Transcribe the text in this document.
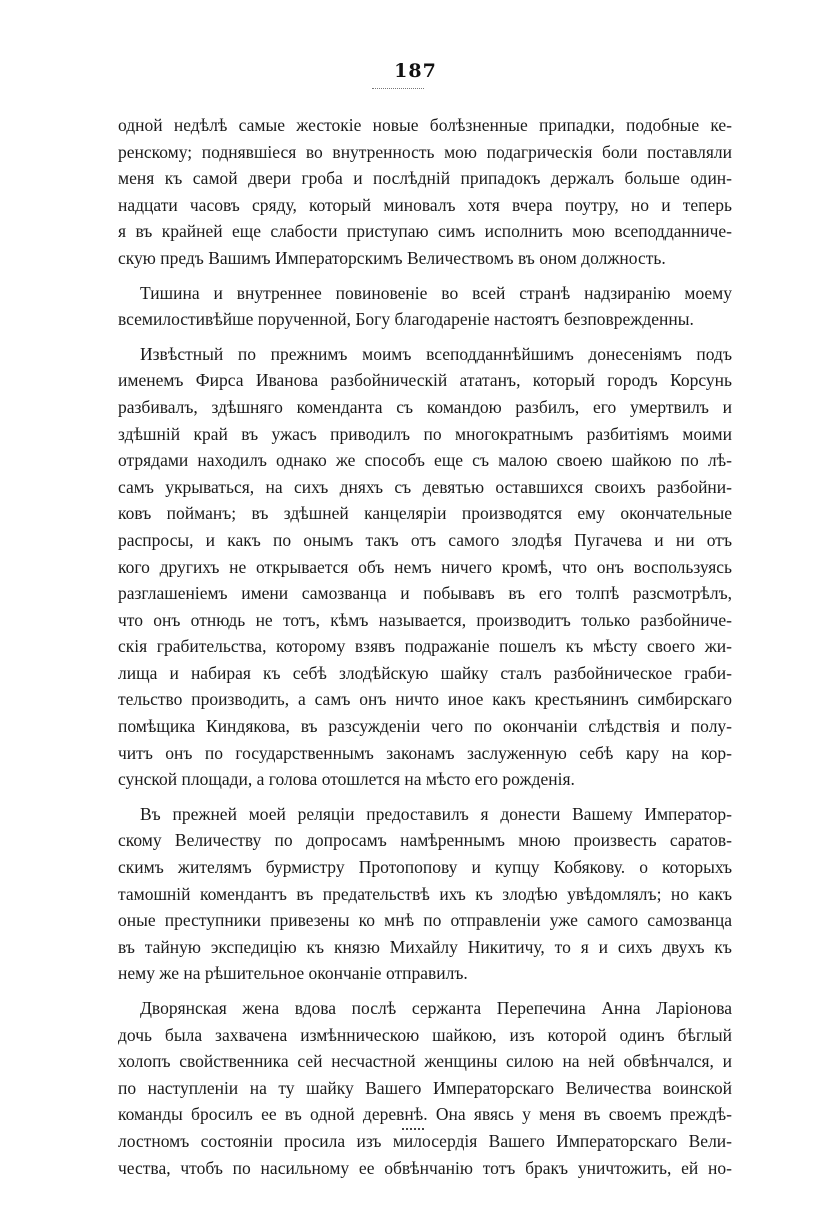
187
одной недѣлѣ самые жестокіе новые болѣзненные припадки, подобные ке-
ренскому; поднявшіеся во внутренность мою подагрическія боли поставляли
меня къ самой двери гроба и послѣдній припадокъ держалъ больше один-
надцати часовъ сряду, который миновалъ хотя вчера поутру, но и теперь
я въ крайней еще слабости приступаю симъ исполнить мою всеподданниче-
скую предъ Вашимъ Императорскимъ Величествомъ въ оном должность.
Тишина и внутреннее повиновеніе во всей странѣ надзиранію моему
всемилостивѣйше порученной, Богу благодареніе настоятъ безповрежденны.
Извѣстный по прежнимъ моимъ всеподданнѣйшимъ донесеніямъ подъ
именемъ Фирса Иванова разбойническій ататанъ, который городъ Корсунь
разбивалъ, здѣшняго коменданта съ командою разбилъ, его умертвилъ и
здѣшній край въ ужасъ приводилъ по многократнымъ разбитіямъ моими
отрядами находилъ однако же способъ еще съ малою своею шайкою по лѣ-
самъ укрываться, на сихъ дняхъ съ девятью оставшихся своихъ разбойни-
ковъ пойманъ; въ здѣшней канцеляріи производятся ему окончательные
распросы, и какъ по онымъ такъ отъ самого злодѣя Пугачева и ни отъ
кого другихъ не открывается объ немъ ничего кромѣ, что онъ воспользуясь
разглашеніемъ имени самозванца и побывавъ въ его толпѣ разсмотрѣлъ,
что онъ отнюдь не тотъ, кѣмъ называется, производитъ только разбойниче-
скія грабительства, которому взявъ подражаніе пошелъ къ мѣсту своего жи-
лища и набирая къ себѣ злодѣйскую шайку сталъ разбойническое граби-
тельство производить, а самъ онъ ничто иное какъ крестьянинъ симбирскаго
помѣщика Киндякова, въ разсужденіи чего по окончаніи слѣдствія и полу-
читъ онъ по государственнымъ законамъ заслуженную себѣ кару на кор-
сунской площади, а голова отошлется на мѣсто его рожденія.
Въ прежней моей реляціи предоставилъ я донести Вашему Император-
скому Величеству по допросамъ намѣреннымъ мною произвесть саратов-
скимъ жителямъ бурмистру Протопопову и купцу Кобякову. о которыхъ
тамошній комендантъ въ предательствѣ ихъ къ злодѣю увѣдомлялъ; но какъ
оные преступники привезены ко мнѣ по отправленіи уже самого самозванца
въ тайную экспедицію къ князю Михайлу Никитичу, то я и сихъ двухъ къ
нему же на рѣшительное окончаніе отправилъ.
Дворянская жена вдова послѣ сержанта Перепечина Анна Ларіонова
дочь была захвачена измѣнническою шайкою, изъ которой одинъ бѣглый
холопъ свойственника сей несчастной женщины силою на ней обвѣнчался, и
по наступленіи на ту шайку Вашего Императорскаго Величества воинской
команды бросилъ ее въ одной деревнѣ. Она явясь у меня въ своемъ преждѣ-
лостномъ состояніи просила изъ милосердія Вашего Императорскаго Вели-
чества, чтобъ по насильному ее обвѣнчанію тотъ бракъ уничтожить, ей но-
